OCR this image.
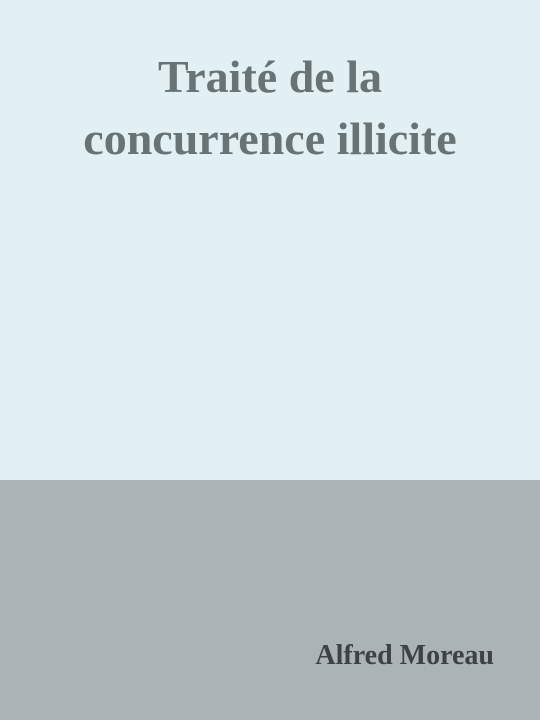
Traité de la
concurrence illicite

Alfred Moreau
